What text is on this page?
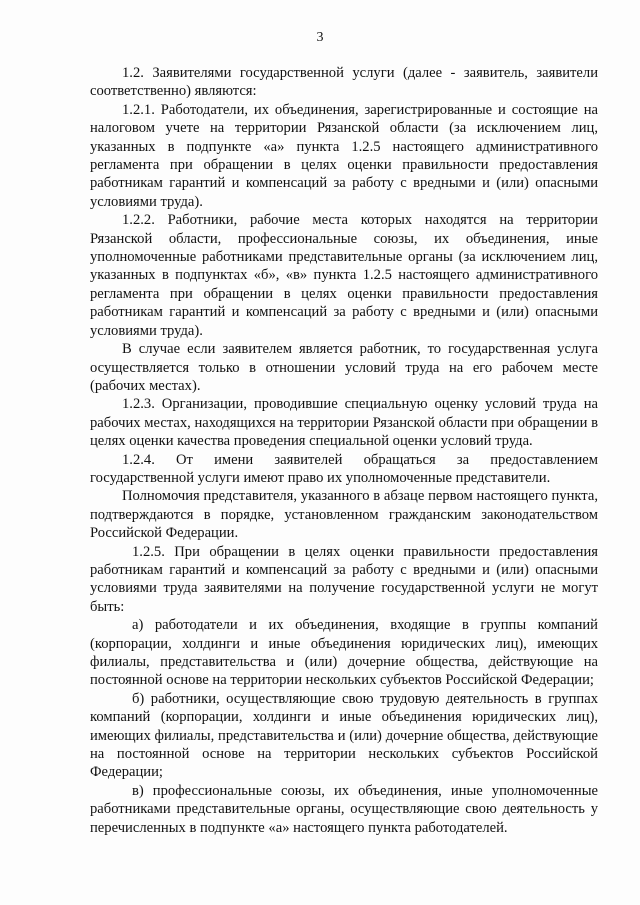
3

1.2. Заявителями государственной услуги (далее - заявитель, заявители соответственно) являются:

1.2.1. Работодатели, их объединения, зарегистрированные и состоящие на налоговом учете на территории Рязанской области (за исключением лиц, указанных в подпункте «а» пункта 1.2.5 настоящего административного регламента при обращении в целях оценки правильности предоставления работникам гарантий и компенсаций за работу с вредными и (или) опасными условиями труда).

1.2.2. Работники, рабочие места которых находятся на территории Рязанской области, профессиональные союзы, их объединения, иные уполномоченные работниками представительные органы (за исключением лиц, указанных в подпунктах «б», «в» пункта 1.2.5 настоящего административного регламента при обращении в целях оценки правильности предоставления работникам гарантий и компенсаций за работу с вредными и (или) опасными условиями труда).

В случае если заявителем является работник, то государственная услуга осуществляется только в отношении условий труда на его рабочем месте (рабочих местах).

1.2.3. Организации, проводившие специальную оценку условий труда на рабочих местах, находящихся на территории Рязанской области при обращении в целях оценки качества проведения специальной оценки условий труда.

1.2.4. От имени заявителей обращаться за предоставлением государственной услуги имеют право их уполномоченные представители.

Полномочия представителя, указанного в абзаце первом настоящего пункта, подтверждаются в порядке, установленном гражданским законодательством Российской Федерации.

1.2.5. При обращении в целях оценки правильности предоставления работникам гарантий и компенсаций за работу с вредными и (или) опасными условиями труда заявителями на получение государственной услуги не могут быть:

а) работодатели и их объединения, входящие в группы компаний (корпорации, холдинги и иные объединения юридических лиц), имеющих филиалы, представительства и (или) дочерние общества, действующие на постоянной основе на территории нескольких субъектов Российской Федерации;

б) работники, осуществляющие свою трудовую деятельность в группах компаний (корпорации, холдинги и иные объединения юридических лиц), имеющих филиалы, представительства и (или) дочерние общества, действующие на постоянной основе на территории нескольких субъектов Российской Федерации;

в) профессиональные союзы, их объединения, иные уполномоченные работниками представительные органы, осуществляющие свою деятельность у перечисленных в подпункте «а» настоящего пункта работодателей.
